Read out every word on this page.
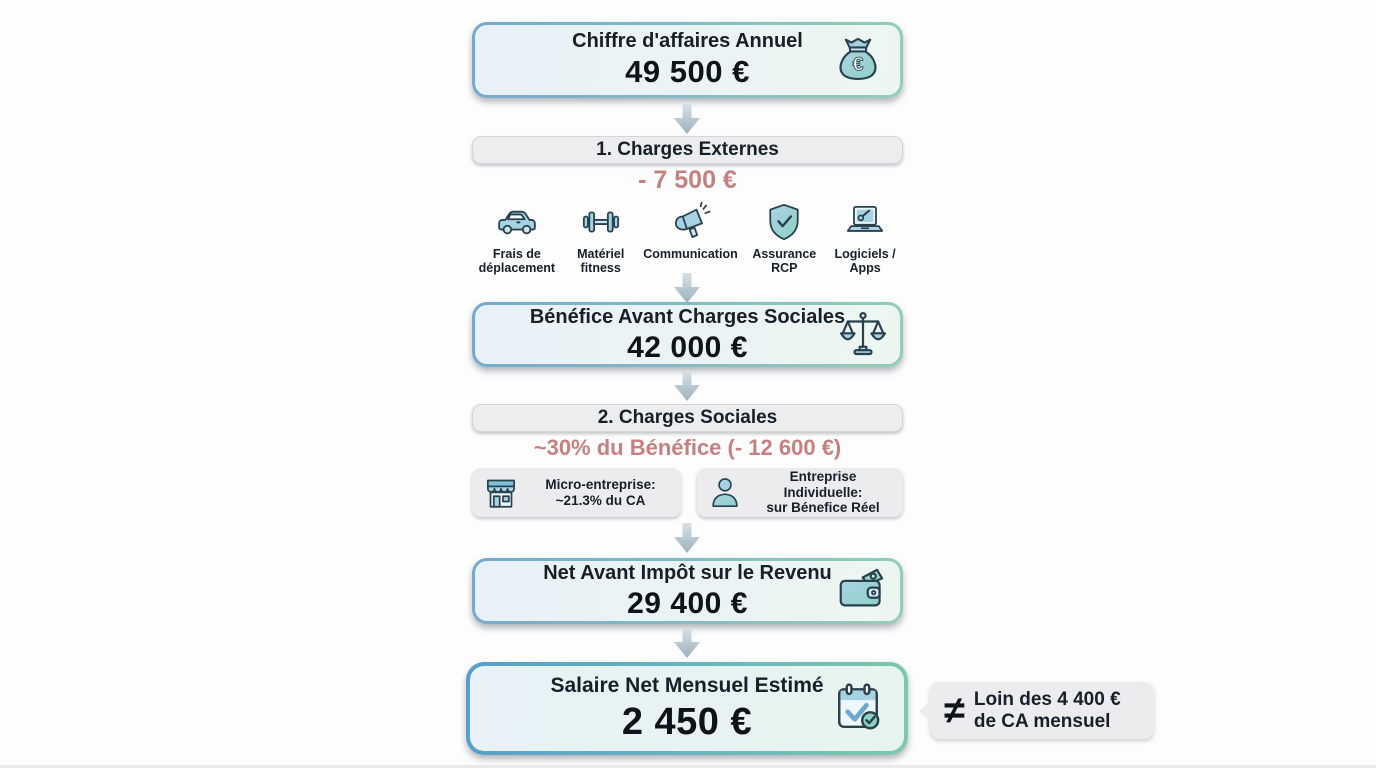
Chiffre d'affaires Annuel
49 500 €	€
1. Charges Externes
- 7 500 €
Frais de déplacement
Matériel fitness
Communication	Assurance RCP
Logiciels / Apps
Bénéfice Avant Charges Sociales
42 000 €
2. Charges Sociales
~30% du Bénéfice (- 12 600 €)
Micro-entreprise:
~21.3% du CA
Entreprise Individuelle:
sur Bénefice Réel
Net Avant Impôt sur le Revenu
29 400 €
Salaire Net Mensuel Estimé
2 450 €	≠ Loin des 4 400 €
de CA mensuel
